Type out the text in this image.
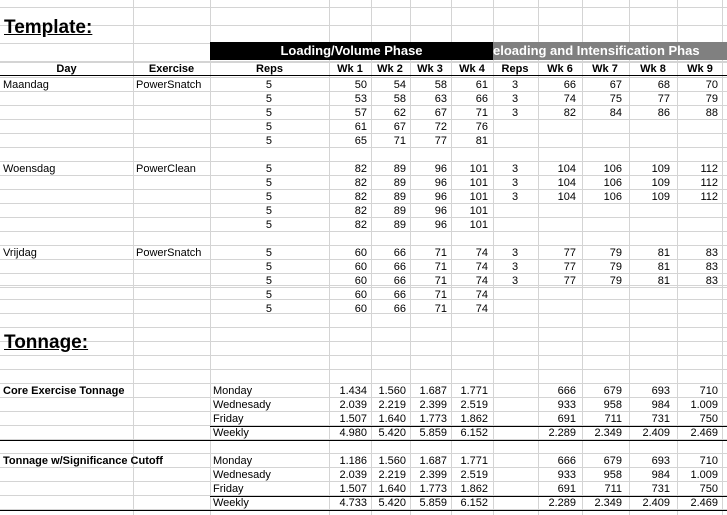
Template:
Loading/Volume Phase	eloading and Intensification Phas
Day	Exercise	Reps	Wk 1	Wk 2	Wk 3	Wk 4	Reps	Wk 6	Wk 7	Wk 8	Wk 9
Maandag	PowerSnatch	5	50	54	58	61	3	66	67	68	70
5	53	58	63	66	3	74	75	77	79
5	57	62	67	71	3	82	84	86	88
5	61	67	72	76
5	65	71	77	81
Woensdag	PowerClean	5	82	89	96	101	3	104	106	109	112
5	82	89	96	101	3	104	106	109	112
5	82	89	96	101	3	104	106	109	112
5	82	89	96	101
5	82	89	96	101
Vrijdag	PowerSnatch	5	60	66	71	74	3	77	79	81	83
5	60	66	71	74	3	77	79	81	83
5	60	66	71	74	3	77	79	81	83
5	60	66	71	74
5	60	66	71	74
Tonnage:
Core Exercise Tonnage	Monday	1.434	1.560	1.687	1.771	666	679	693	710
Wednesady	2.039	2.219	2.399	2.519	933	958	984	1.009
Friday	1.507	1.640	1.773	1.862	691	711	731	750
Weekly	4.980	5.420	5.859	6.152	2.289	2.349	2.409	2.469
Tonnage w/Significance Cutoff	Monday	1.186	1.560	1.687	1.771	666	679	693	710
Wednesady	2.039	2.219	2.399	2.519	933	958	984	1.009
Friday	1.507	1.640	1.773	1.862	691	711	731	750
Weekly	4.733	5.420	5.859	6.152	2.289	2.349	2.409	2.469
